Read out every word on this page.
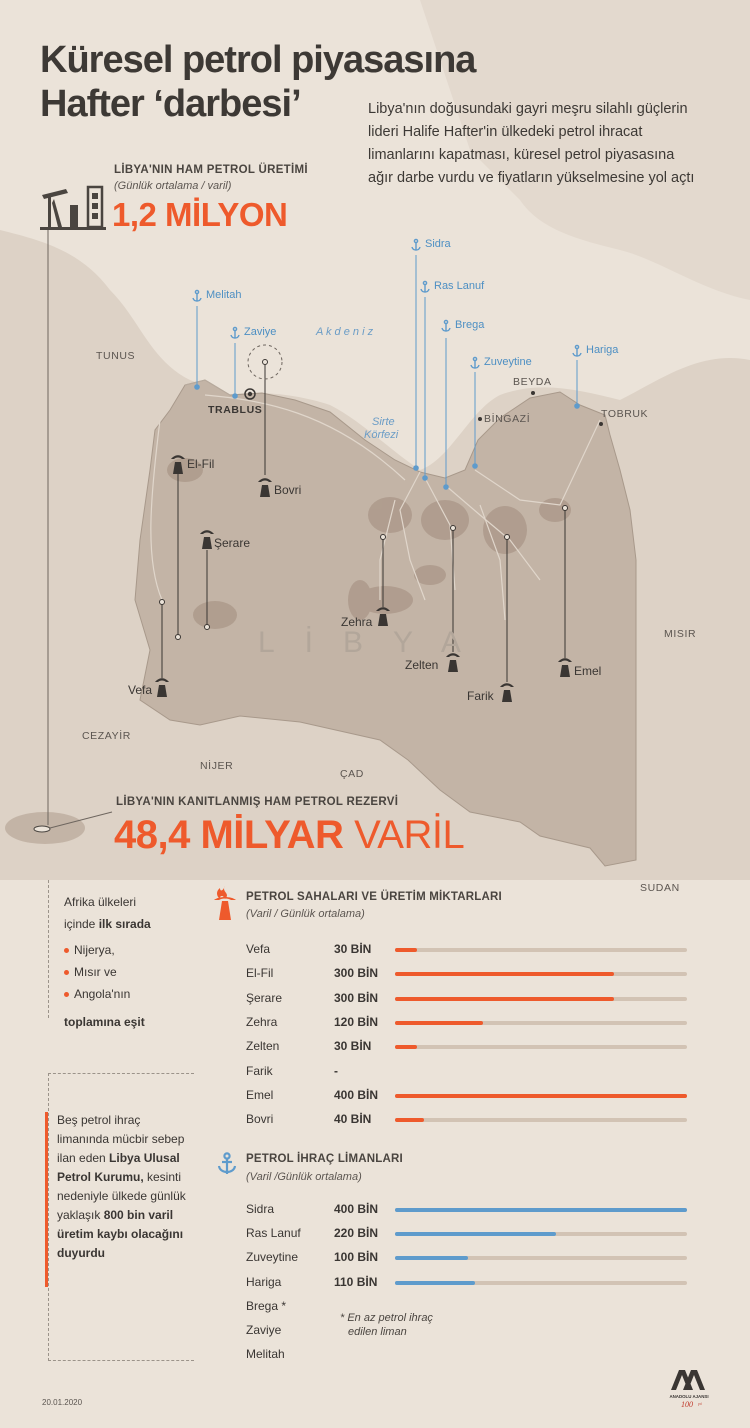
Küresel petrol piyasasına
Hafter ‘darbesi’	Libya'nın doğusundaki gayri meşru silahlı güçlerin lideri Halife Hafter'in ülkedeki petrol ihracat limanlarını kapatması, küresel petrol piyasasına ağır darbe vurdu ve fiyatların yükselmesine yol açtı
LİBYA'NIN HAM PETROL ÜRETİMİ
(Günlük ortalama / varil)
1,2 MİLYON
TUNUS
CEZAYİR
NİJER
ÇAD
MISIR
SUDAN
LİBYA
TRABLUS
BİNGAZİ
BEYDA
TOBRUK
A k d e n i z
Sirte
Körfezi
Melitah
Zaviye
Sidra
Ras Lanuf
Brega
Zuveytine
Hariga
El-Fil
Bovri
Şerare
Vefa
Zehra
Zelten
Farik
Emel
LİBYA'NIN KANITLANMIŞ HAM PETROL REZERVİ
48,4 MİLYAR VARİL
Afrika ülkeleri
içinde ilk sırada
Nijerya,
Mısır ve
Angola'nın
toplamına eşit
Beş petrol ihraç limanında mücbir sebep ilan eden Libya Ulusal Petrol Kurumu, kesinti nedeniyle ülkede günlük yaklaşık 800 bin varil üretim kaybı olacağını duyurdu
PETROL SAHALARI VE ÜRETİM MİKTARLARI
(Varil / Günlük ortalama)
Vefa	30 BİN
El-Fil	300 BİN
Şerare	300 BİN
Zehra	120 BİN
Zelten	30 BİN
Farik	-
Emel	400 BİN
Bovri	40 BİN
PETROL İHRAÇ LİMANLARI
(Varil /Günlük ortalama)
Sidra	400 BİN
Ras Lanuf	220 BİN
Zuveytine	100 BİN
Hariga	110 BİN
Brega *
Zaviye
Melitah
* En az petrol ihraç
edilen liman
20.01.2020
ANADOLU AJANSI
100 yıl
